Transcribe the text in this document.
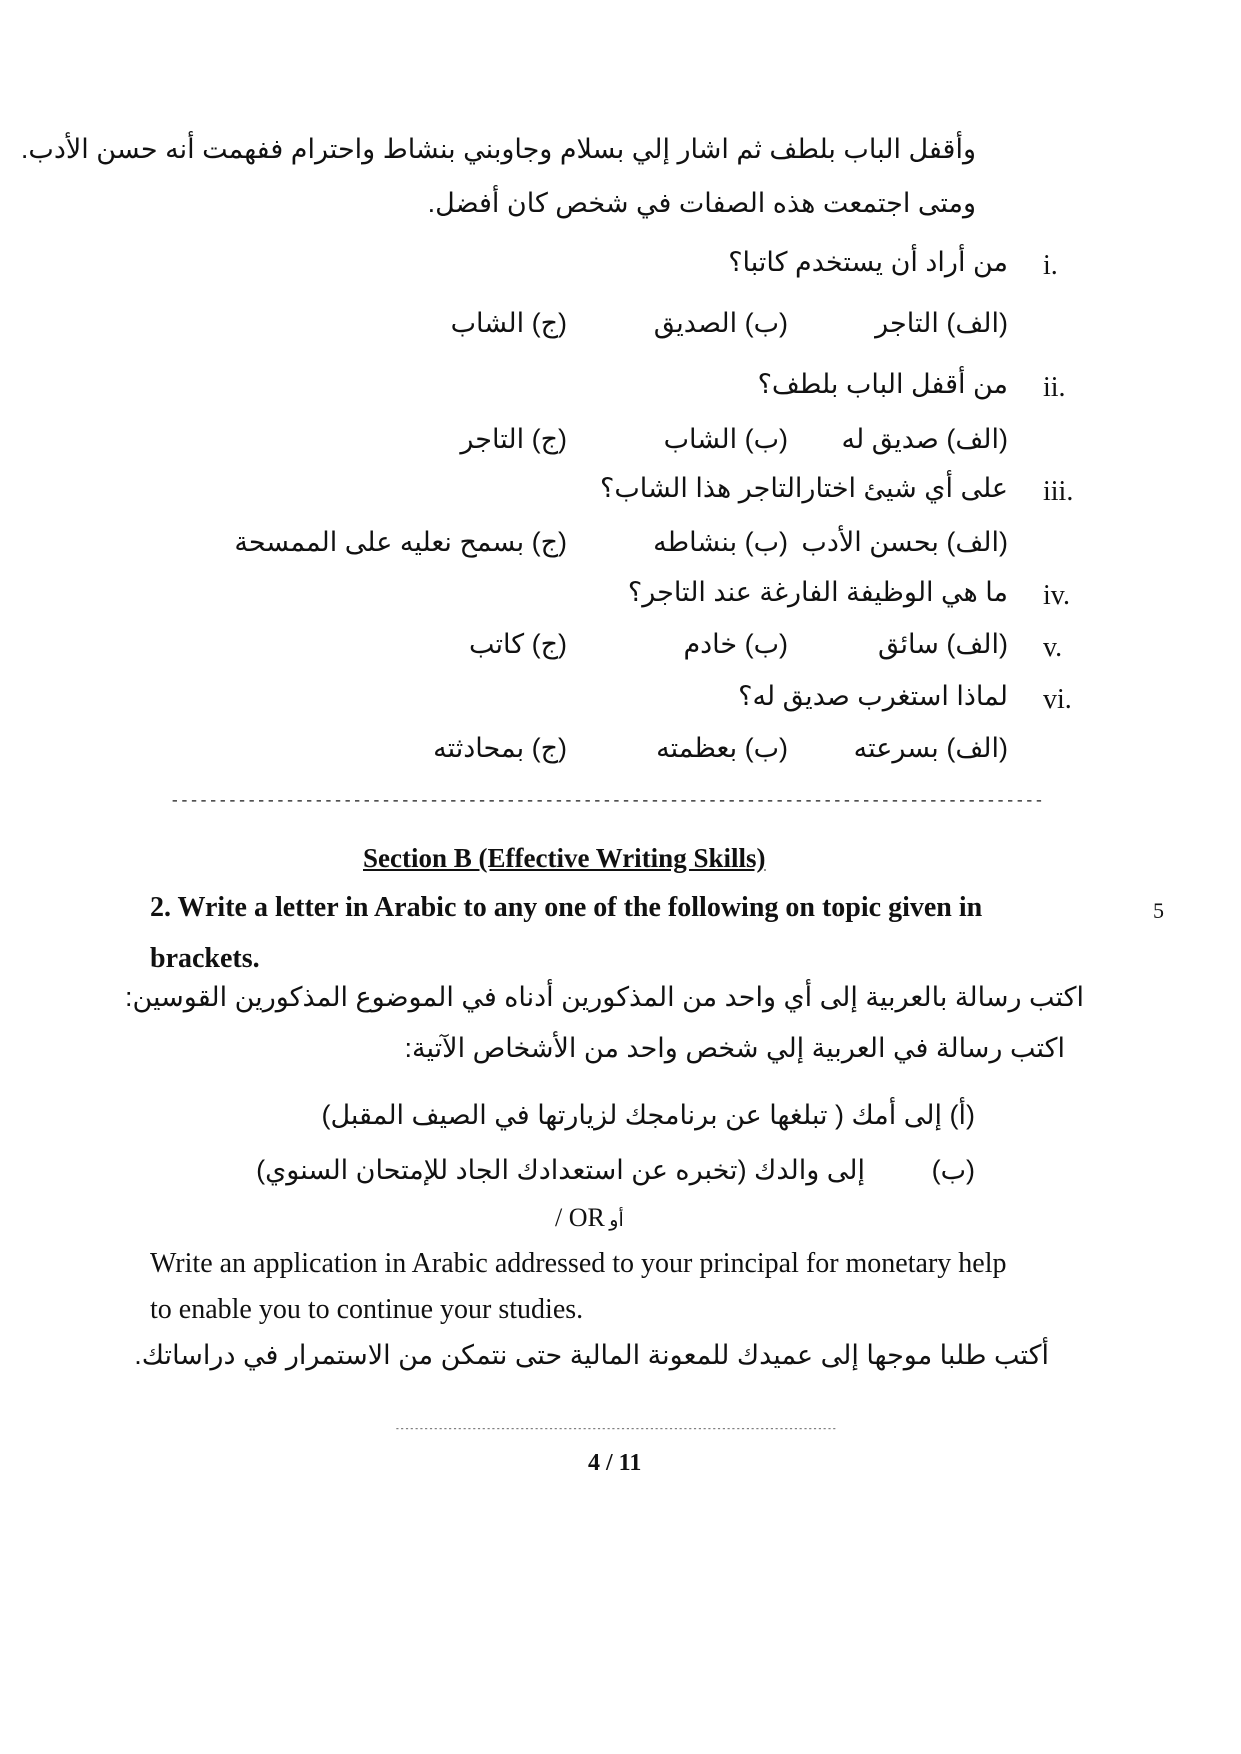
وأقفل الباب بلطف ثم اشار إلي بسلام وجاوبني بنشاط واحترام ففهمت أنه حسن الأدب.
ومتى اجتمعت هذه الصفات في شخص كان أفضل.
i.
من أراد أن يستخدم كاتبا؟
(الف) التاجر
(ب) الصديق
(ج) الشاب
ii.
من أقفل الباب بلطف؟
(الف) صديق له
(ب) الشاب
(ج) التاجر
iii.
على أي شيئ اختارالتاجر هذا الشاب؟
(الف) بحسن الأدب
(ب) بنشاطه
(ج) بسمح نعليه على الممسحة
iv.
ما هي الوظيفة الفارغة عند التاجر؟
v.
(الف) سائق
(ب) خادم
(ج) كاتب
vi.
لماذا استغرب صديق له؟
(الف) بسرعته
(ب) بعظمته
(ج) بمحادثته
-------------------------------------------------------------------------------------------
Section B (Effective Writing Skills)
2. Write a letter in Arabic to any one of the following on topic given in
brackets.
5
اكتب رسالة بالعربية إلى أي واحد من المذكورين أدناه في الموضوع المذكورين القوسين:
اكتب رسالة في العربية إلي شخص واحد من الأشخاص الآتية:
(أ) إلى أمك ( تبلغها عن برنامجك لزيارتها في الصيف المقبل)
(ب)
إلى والدك (تخبره عن استعدادك الجاد للإمتحان السنوي)
/ OR أو
Write an application in Arabic addressed to your principal for monetary help
to enable you to continue your studies.
أكتب طلبا موجها إلى عميدك للمعونة المالية حتى نتمكن من الاستمرار في دراساتك.
--------------------------------------------------------------------------------------------
4 / 11
